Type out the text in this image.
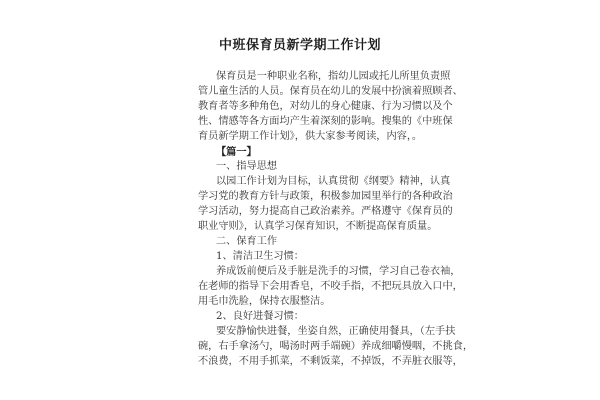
中班保育员新学期工作计划
保育员是一种职业名称，指幼儿园或托儿所里负责照
管儿童生活的人员。保育员在幼儿的发展中扮演着照顾者、
教育者等多种角色，对幼儿的身心健康、行为习惯以及个
性、情感等各方面均产生着深刻的影响。搜集的《中班保
育员新学期工作计划》，供大家参考阅读，内容，。
【篇一】
一、指导思想
以园工作计划为目标，认真贯彻《纲要》精神，认真
学习党的教育方针与政策，积极参加园里举行的各种政治
学习活动，努力提高自己政治素养。严格遵守《保育员的
职业守则》，认真学习保育知识，不断提高保育质量。
二、保育工作
1、清洁卫生习惯：
养成饭前便后及手脏是洗手的习惯，学习自己卷衣袖，
在老师的指导下会用香皂，不咬手指，不把玩具放入口中，
用毛巾洗脸，保持衣服整洁。
2、良好进餐习惯：
要安静愉快进餐，坐姿自然，正确使用餐具，（左手扶
碗，右手拿汤勺，喝汤时两手端碗）养成细嚼慢咽，不挑食，
不浪费，不用手抓菜，不剩饭菜，不掉饭，不弄脏衣服等，
